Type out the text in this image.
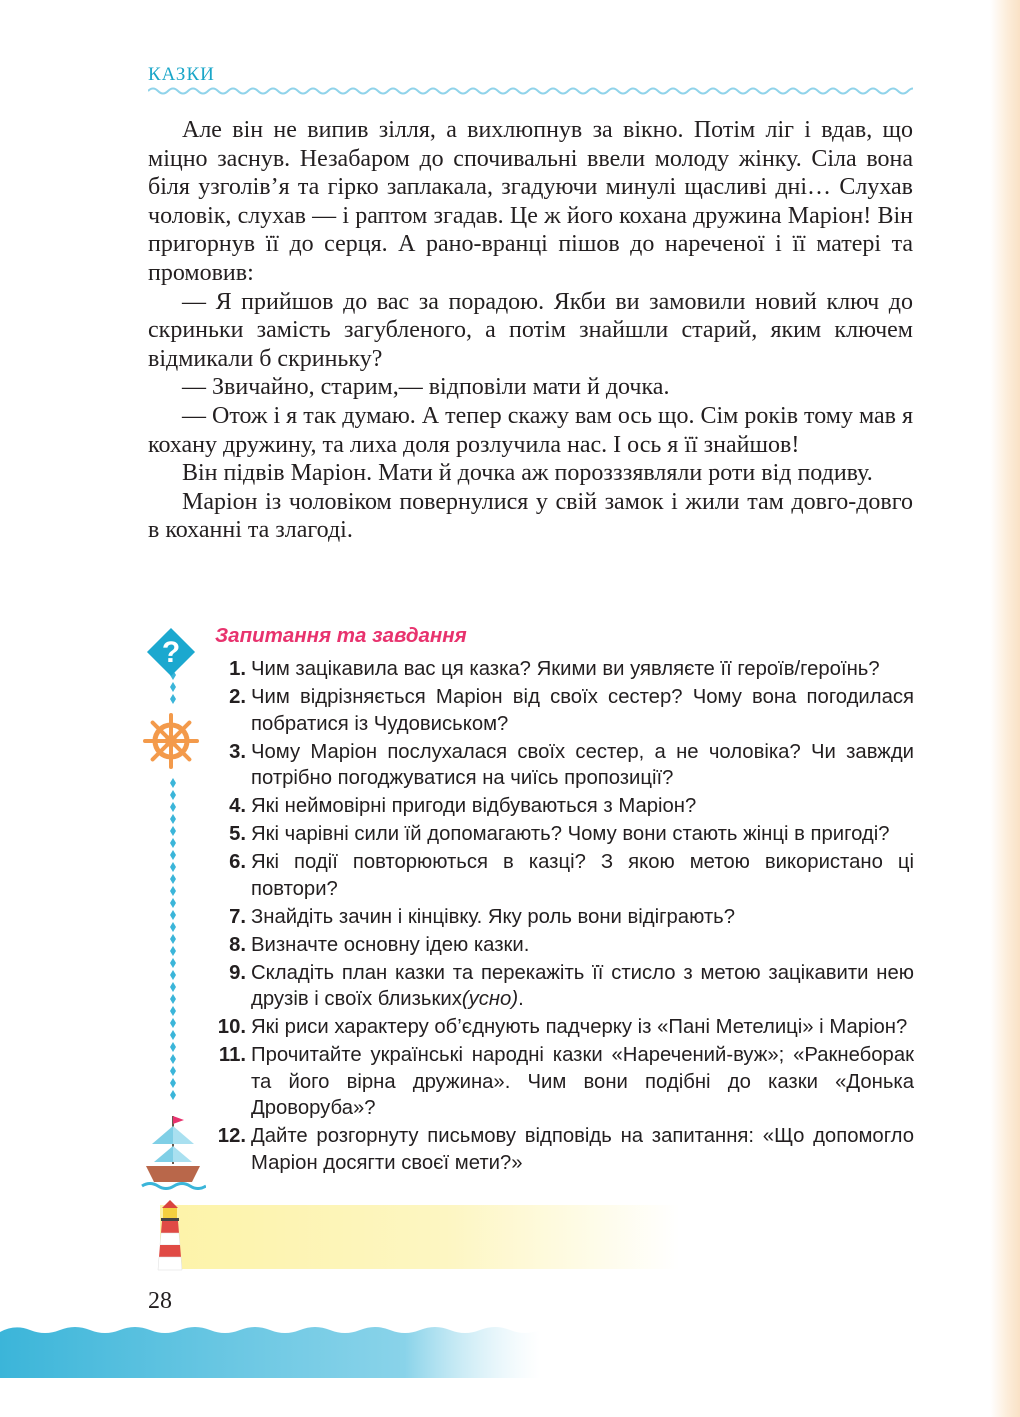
КАЗКИ

Але він не випив зілля, а вихлюпнув за вікно. Потім ліг і вдав, що міцно заснув. Незабаром до спочивальні ввели молоду жінку. Сіла вона біля узголів’я та гірко заплакала, згадуючи минулі щасливі дні… Слухав чоловік, слухав — і раптом згадав. Це ж його кохана дружина Маріон! Він пригорнув її до серця. А рано-вранці пішов до нареченої і її матері та промовив:

— Я прийшов до вас за порадою. Якби ви замовили новий ключ до скриньки замість загубленого, а потім знайшли старий, яким ключем відмикали б скриньку?

— Звичайно, старим,— відповіли мати й дочка.

— Отож і я так думаю. А тепер скажу вам ось що. Сім років тому мав я кохану дружину, та лиха доля розлучила нас. І ось я її знайшов!

Він підвів Маріон. Мати й дочка аж порозззявляли роти від подиву.

Маріон із чоловіком повернулися у свій замок і жили там довго-довго в коханні та злагоді.

?
Запитання та завдання
1. Чим зацікавила вас ця казка? Якими ви уявляєте її героїв/героїнь?
2. Чим відрізняється Маріон від своїх сестер? Чому вона погодилася побратися із Чудовиськом?
3. Чому Маріон послухалася своїх сестер, а не чоловіка? Чи завжди потрібно погоджуватися на чиїсь пропозиції?
4. Які неймовірні пригоди відбуваються з Маріон?
5. Які чарівні сили їй допомагають? Чому вони стають жінці в пригоді?
6. Які події повторюються в казці? З якою метою використано ці повтори?
7. Знайдіть зачин і кінцівку. Яку роль вони відіграють?
8. Визначте основну ідею казки.
9. Складіть план казки та перекажіть її стисло з метою зацікавити нею друзів і своїх близьких(усно).
10. Які риси характеру об’єднують падчерку із «Пані Метелиці» і Маріон?
11. Прочитайте українські народні казки «Наречений-вуж»; «Ракнеборак та його вірна дружина». Чим вони подібні до казки «Донька Дроворуба»?
12. Дайте розгорнуту письмову відповідь на запитання: «Що допомогло Маріон досягти своєї мети?»
28
